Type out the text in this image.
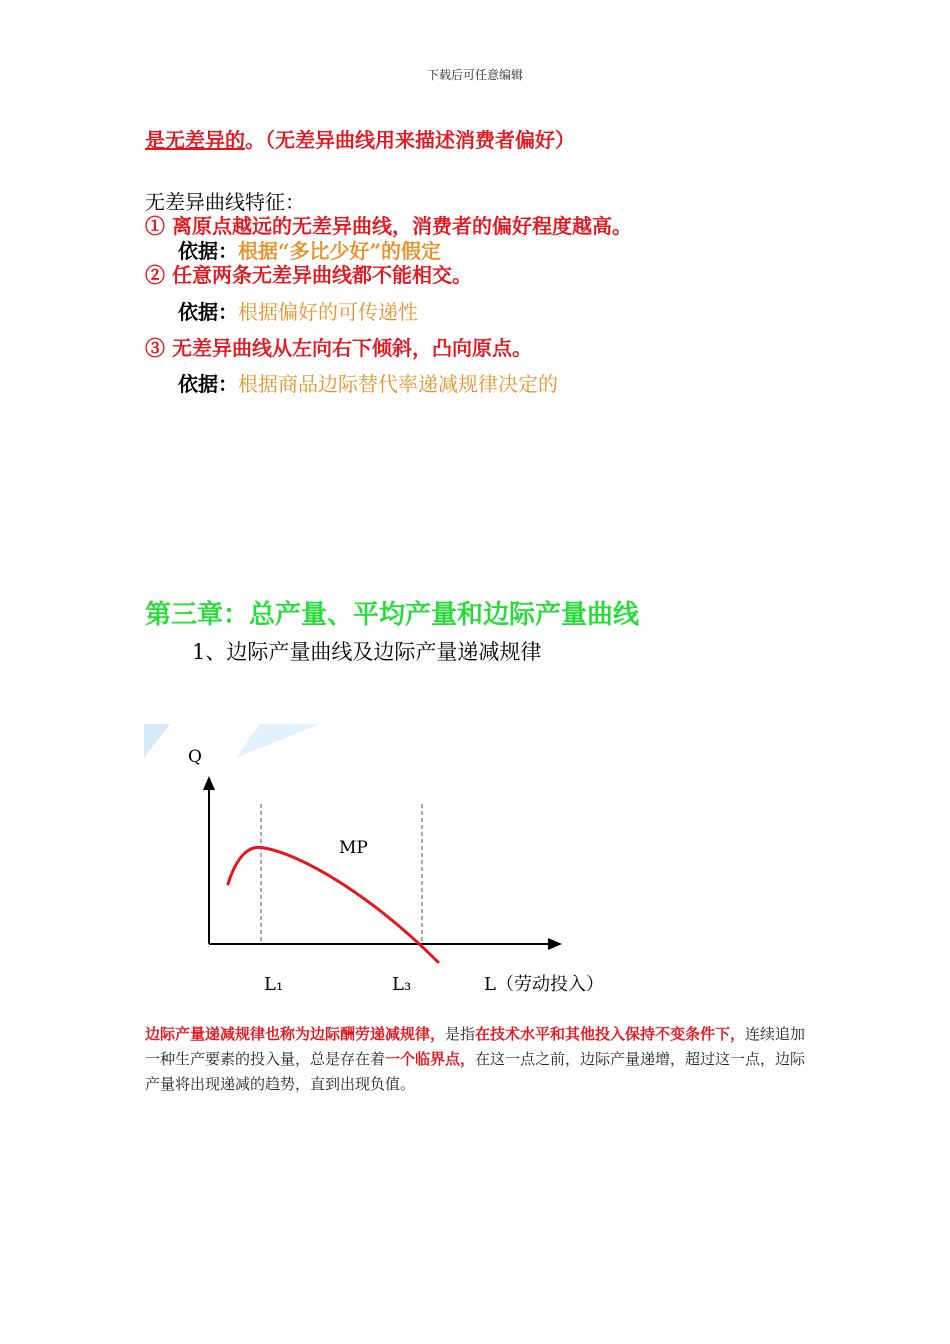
下载后可任意编辑
是无差异的。（无差异曲线用来描述消费者偏好）
无差异曲线特征：
① 离原点越远的无差异曲线，消费者的偏好程度越高。
依据：根据“多比少好”的假定
② 任意两条无差异曲线都不能相交。
依据：根据偏好的可传递性
③ 无差异曲线从左向右下倾斜，凸向原点。
依据：根据商品边际替代率递减规律决定的
第三章：总产量、平均产量和边际产量曲线
1、边际产量曲线及边际产量递减规律
Q
MP
L₁	L₃	L（劳动投入）
边际产量递减规律也称为边际酬劳递减规律，是指在技术水平和其他投入保持不变条件下，连续追加一种生产要素的投入量，总是存在着一个临界点，在这一点之前，边际产量递增，超过这一点，边际产量将出现递减的趋势，直到出现负值。
